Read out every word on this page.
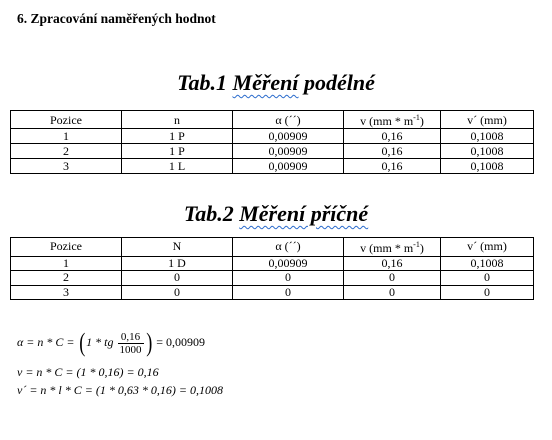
6. Zpracování naměřených hodnot
Tab.1 Měření podélné
Pozice	n	α (´´)	v $(mm * m^{-1})$	v´ (mm)
1	1 P	0,00909	0,16	0,1008
2	1 P	0,00909	0,16	0,1008
3	1 L	0,00909	0,16	0,1008
Tab.2 Měření příčné
Pozice	N	α (´´)	v $(mm * m^{-1})$	v´ (mm)
1	1 D	0,00909	0,16	0,1008
2	0	0	0	0
3	0	0	0	0
α = n * C = (1 * tg $\frac{0,16}{1000}$ ) = 0,00909
v = n * C = (1 * 0,16) = 0,16
v´ = n * l * C = (1 * 0,63 * 0,16) = 0,1008
